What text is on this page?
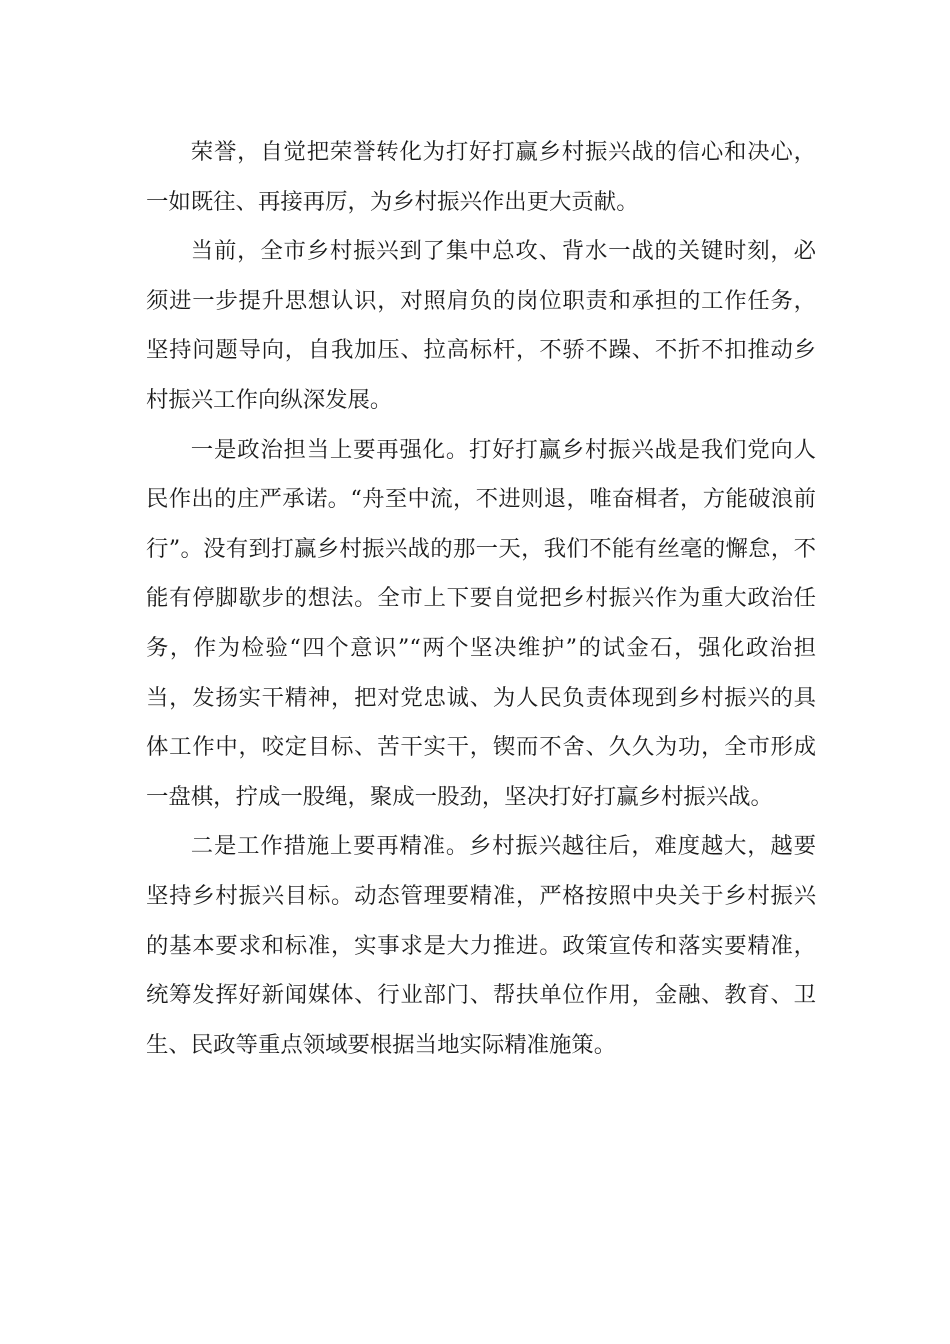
荣誉，自觉把荣誉转化为打好打赢乡村振兴战的信心和决心，一如既往、再接再厉，为乡村振兴作出更大贡献。

当前，全市乡村振兴到了集中总攻、背水一战的关键时刻，必须进一步提升思想认识，对照肩负的岗位职责和承担的工作任务，坚持问题导向，自我加压、拉高标杆，不骄不躁、不折不扣推动乡村振兴工作向纵深发展。

一是政治担当上要再强化。打好打赢乡村振兴战是我们党向人民作出的庄严承诺。“舟至中流，不进则退，唯奋楫者，方能破浪前行”。没有到打赢乡村振兴战的那一天，我们不能有丝毫的懈怠，不能有停脚歇步的想法。全市上下要自觉把乡村振兴作为重大政治任务，作为检验“四个意识”“两个坚决维护”的试金石，强化政治担当，发扬实干精神，把对党忠诚、为人民负责体现到乡村振兴的具体工作中，咬定目标、苦干实干，锲而不舍、久久为功，全市形成一盘棋，拧成一股绳，聚成一股劲，坚决打好打赢乡村振兴战。

二是工作措施上要再精准。乡村振兴越往后，难度越大，越要坚持乡村振兴目标。动态管理要精准，严格按照中央关于乡村振兴的基本要求和标准，实事求是大力推进。政策宣传和落实要精准，统筹发挥好新闻媒体、行业部门、帮扶单位作用，金融、教育、卫生、民政等重点领域要根据当地实际精准施策。
